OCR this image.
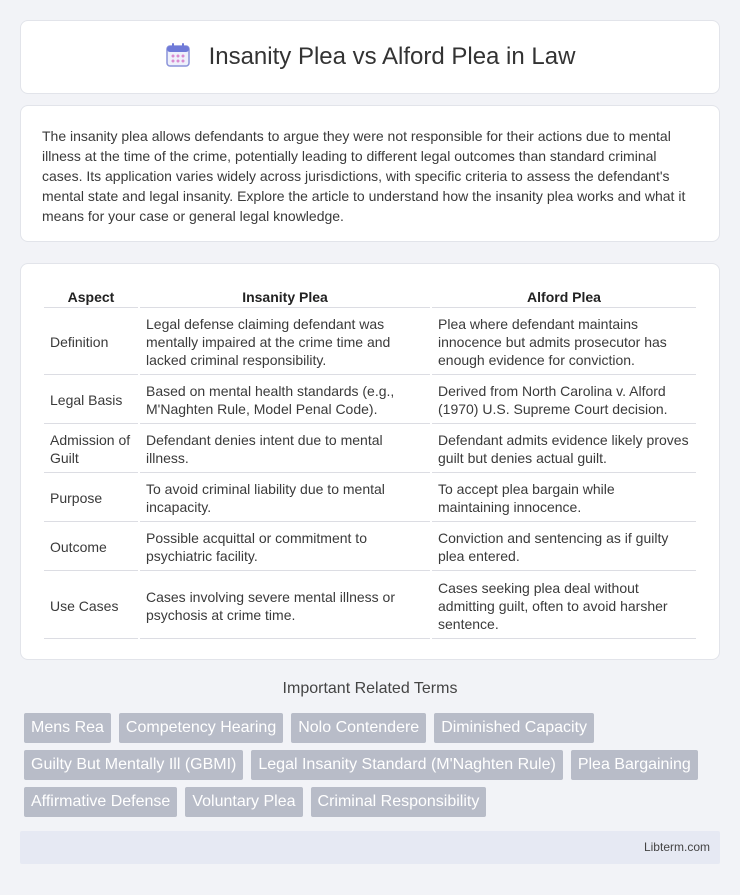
Insanity Plea vs Alford Plea in Law

The insanity plea allows defendants to argue they were not responsible for their actions due to mental illness at the time of the crime, potentially leading to different legal outcomes than standard criminal cases. Its application varies widely across jurisdictions, with specific criteria to assess the defendant's mental state and legal insanity. Explore the article to understand how the insanity plea works and what it means for your case or general legal knowledge.

Aspect	Insanity Plea	Alford Plea
Definition	Legal defense claiming defendant was mentally impaired at the crime time and lacked criminal responsibility.	Plea where defendant maintains innocence but admits prosecutor has enough evidence for conviction.
Legal Basis	Based on mental health standards (e.g., M'Naghten Rule, Model Penal Code).	Derived from North Carolina v. Alford (1970) U.S. Supreme Court decision.
Admission of Guilt	Defendant denies intent due to mental illness.	Defendant admits evidence likely proves guilt but denies actual guilt.
Purpose	To avoid criminal liability due to mental incapacity.	To accept plea bargain while maintaining innocence.
Outcome	Possible acquittal or commitment to psychiatric facility.	Conviction and sentencing as if guilty plea entered.
Use Cases	Cases involving severe mental illness or psychosis at crime time.	Cases seeking plea deal without admitting guilt, often to avoid harsher sentence.
Important Related Terms
Mens Rea	Competency Hearing	Nolo Contendere	Diminished Capacity
Guilty But Mentally Ill (GBMI)	Legal Insanity Standard (M'Naghten Rule)	Plea Bargaining
Affirmative Defense	Voluntary Plea	Criminal Responsibility
Libterm.com
